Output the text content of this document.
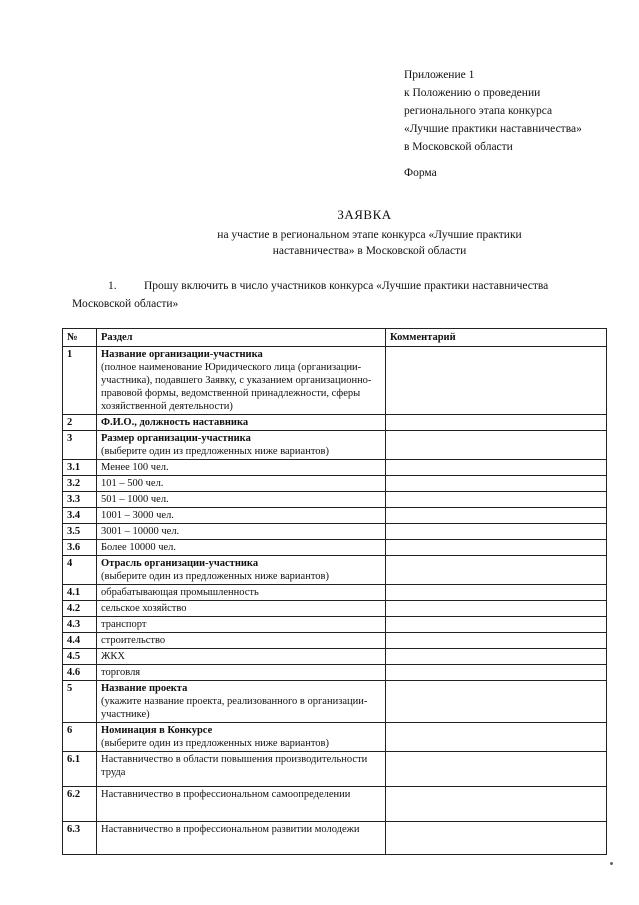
Приложение 1
к Положению о проведении
регионального этапа конкурса
«Лучшие практики наставничества»
в Московской области
Форма
ЗАЯВКА
на участие в региональном этапе конкурса «Лучшие практики
наставничества» в Московской области
1. Прошу включить в число участников конкурса «Лучшие практики наставничества
Московской области»
№	Раздел	Комментарий
1	Название организации-участника
(полное наименование Юридического лица (организации-участника), подавшего Заявку, с указанием организационно-правовой формы, ведомственной принадлежности, сферы хозяйственной деятельности)	

2	Ф.И.О., должность наставника	

3	Размер организации-участника
(выберите один из предложенных ниже вариантов)	

3.1	Менее 100 чел.	

3.2	101 – 500 чел.	

3.3	501 – 1000 чел.	

3.4	1001 – 3000 чел.	

3.5	3001 – 10000 чел.	

3.6	Более 10000 чел.	

4	Отрасль организации-участника
(выберите один из предложенных ниже вариантов)	

4.1	обрабатывающая промышленность	

4.2	сельское хозяйство	

4.3	транспорт	

4.4	строительство	

4.5	ЖКХ	

4.6	торговля	

5	Название проекта
(укажите название проекта, реализованного в организации-участнике)	

6	Номинация в Конкурсе
(выберите один из предложенных ниже вариантов)	

6.1	Наставничество в области повышения производительности труда	

6.2	Наставничество в профессиональном самоопределении	

6.3	Наставничество в профессиональном развитии молодежи	
